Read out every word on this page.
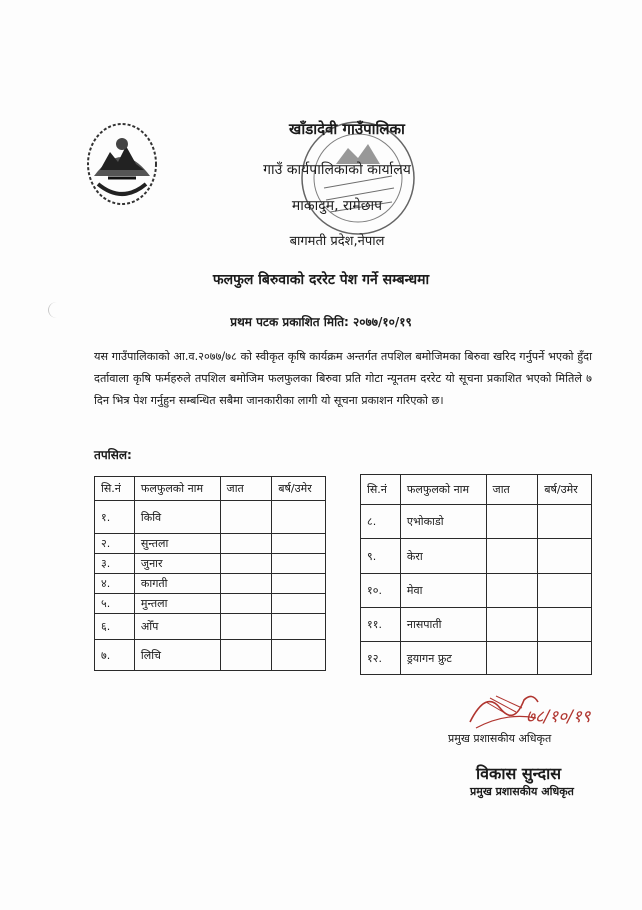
खाँडादेवी गाउँपालिका
गाउँ कार्यपालिकाको कार्यालय
माकादुम, रामेछाप
बागमती प्रदेश,नेपाल
फलफुल बिरुवाको दररेट पेश गर्ने सम्बन्धमा
प्रथम पटक प्रकाशित मिति: २०७७/१०/१९
यस गाउँपालिकाको आ.व.२०७७/७८ को स्वीकृत कृषि कार्यक्रम अन्तर्गत तपशिल बमोजिमका बिरुवा खरिद गर्नुपर्ने भएको हुँदा दर्तावाला कृषि फर्महरुले तपशिल बमोजिम फलफुलका बिरुवा प्रति गोटा न्यूनतम दररेट यो सूचना प्रकाशित भएको मितिले ७ दिन भित्र पेश गर्नुहुन सम्बन्धित सबैमा जानकारीका लागी यो सूचना प्रकाशन गरिएको छ।
तपसिल:
सि.नं	फलफुलको नाम	जात	बर्ष/उमेर
१.	किवि		
२.	सुन्तला		
३.	जुनार		
४.	कागती		
५.	मुन्तला		
६.	ओँप		
७.	लिचि		
सि.नं	फलफुलको नाम	जात	बर्ष/उमेर
८.	एभोकाडो		
९.	केरा		
१०.	मेवा		
११.	नासपाती		
१२.	ड्रयागन फ्रुट		
७८/१०/१९
प्रमुख प्रशासकीय अधिकृत
विकास सुन्दास
प्रमुख प्रशासकीय अधिकृत
